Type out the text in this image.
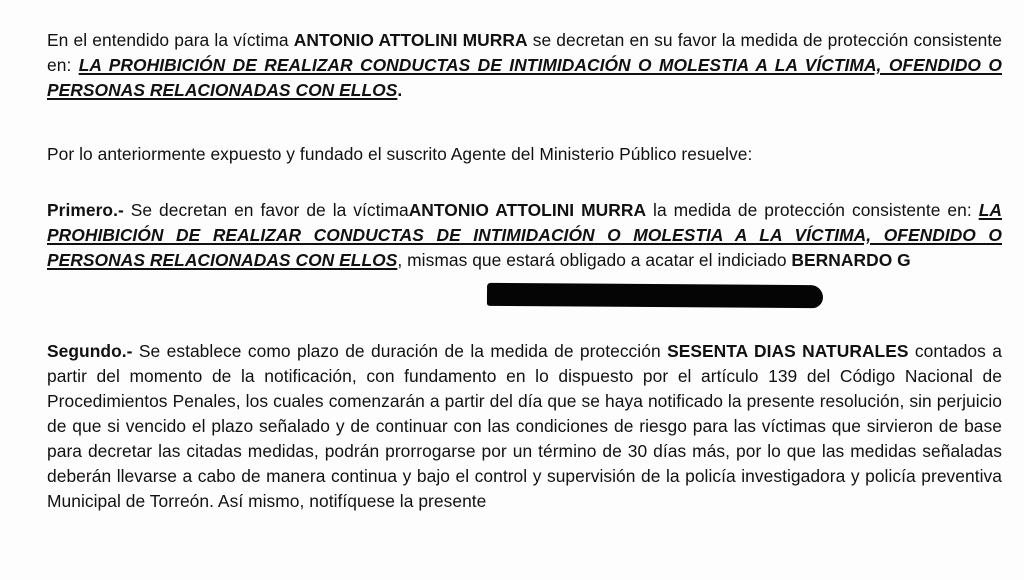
En el entendido para la víctima ANTONIO ATTOLINI MURRA se decretan en su favor la medida de protección consistente en: LA PROHIBICIÓN DE REALIZAR CONDUCTAS DE INTIMIDACIÓN O MOLESTIA A LA VÍCTIMA, OFENDIDO O PERSONAS RELACIONADAS CON ELLOS.

Por lo anteriormente expuesto y fundado el suscrito Agente del Ministerio Público resuelve:

Primero.- Se decretan en favor de la víctimaANTONIO ATTOLINI MURRA la medida de protección consistente en: LA PROHIBICIÓN DE REALIZAR CONDUCTAS DE INTIMIDACIÓN O MOLESTIA A LA VÍCTIMA, OFENDIDO O PERSONAS RELACIONADAS CON ELLOS, mismas que estará obligado a acatar el indiciado BERNARDO G

Segundo.- Se establece como plazo de duración de la medida de protección SESENTA DIAS NATURALES contados a partir del momento de la notificación, con fundamento en lo dispuesto por el artículo 139 del Código Nacional de Procedimientos Penales, los cuales comenzarán a partir del día que se haya notificado la presente resolución, sin perjuicio de que si vencido el plazo señalado y de continuar con las condiciones de riesgo para las víctimas que sirvieron de base para decretar las citadas medidas, podrán prorrogarse por un término de 30 días más, por lo que las medidas señaladas deberán llevarse a cabo de manera continua y bajo el control y supervisión de la policía investigadora y policía preventiva Municipal de Torreón. Así mismo, notifíquese la presente
